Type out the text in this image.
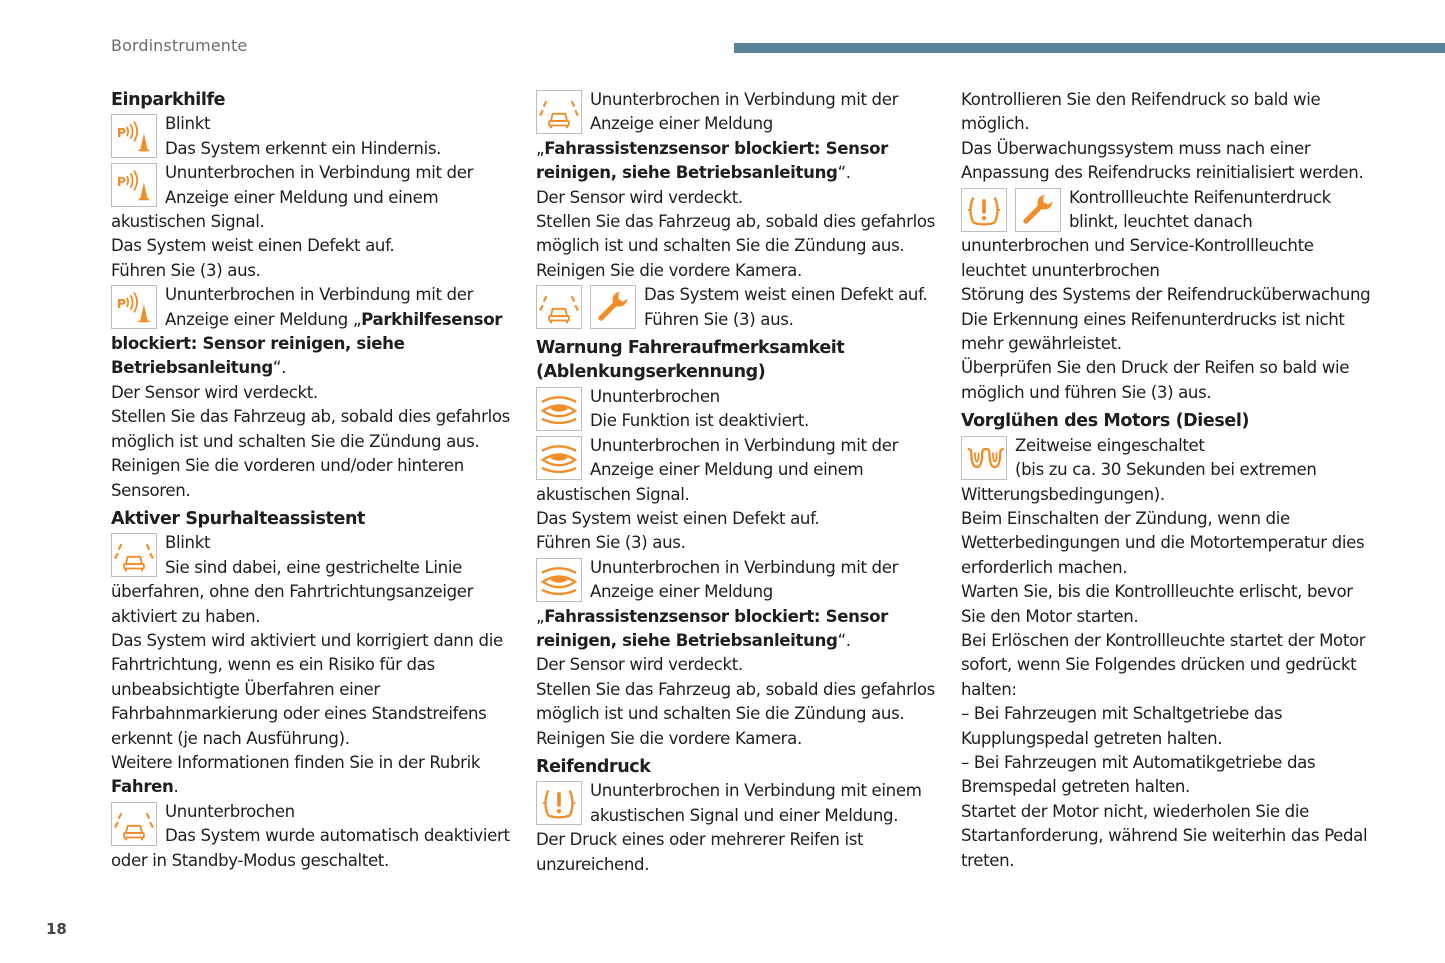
Bordinstrumente
18
Einparkhilfe

Blinkt

Das System erkennt ein Hindernis.

Ununterbrochen in Verbindung mit der Anzeige einer Meldung und einem akustischen Signal.

Das System weist einen Defekt auf.

Führen Sie (3) aus.

Ununterbrochen in Verbindung mit der Anzeige einer Meldung „Parkhilfesensor blockiert: Sensor reinigen, siehe Betriebsanleitung“.

Der Sensor wird verdeckt.

Stellen Sie das Fahrzeug ab, sobald dies gefahrlos möglich ist und schalten Sie die Zündung aus.

Reinigen Sie die vorderen und/oder hinteren Sensoren.

Aktiver Spurhalteassistent

Blinkt

Sie sind dabei, eine gestrichelte Linie überfahren, ohne den Fahrtrichtungsanzeiger aktiviert zu haben.

Das System wird aktiviert und korrigiert dann die Fahrtrichtung, wenn es ein Risiko für das unbeabsichtigte Überfahren einer Fahrbahnmarkierung oder eines Standstreifens erkennt (je nach Ausführung).

Weitere Informationen finden Sie in der Rubrik Fahren.

Ununterbrochen

Das System wurde automatisch deaktiviert oder in Standby-Modus geschaltet.

Ununterbrochen in Verbindung mit der Anzeige einer Meldung

„Fahrassistenzsensor blockiert: Sensor reinigen, siehe Betriebsanleitung“.

Der Sensor wird verdeckt.

Stellen Sie das Fahrzeug ab, sobald dies gefahrlos möglich ist und schalten Sie die Zündung aus.

Reinigen Sie die vordere Kamera.

Das System weist einen Defekt auf.

Führen Sie (3) aus.

Warnung Fahreraufmerksamkeit (Ablenkungserkennung)

Ununterbrochen

Die Funktion ist deaktiviert.

Ununterbrochen in Verbindung mit der Anzeige einer Meldung und einem akustischen Signal.

Das System weist einen Defekt auf.

Führen Sie (3) aus.

Ununterbrochen in Verbindung mit der Anzeige einer Meldung

„Fahrassistenzsensor blockiert: Sensor reinigen, siehe Betriebsanleitung“.

Der Sensor wird verdeckt.

Stellen Sie das Fahrzeug ab, sobald dies gefahrlos möglich ist und schalten Sie die Zündung aus.

Reinigen Sie die vordere Kamera.

Reifendruck

Ununterbrochen in Verbindung mit einem akustischen Signal und einer Meldung.

Der Druck eines oder mehrerer Reifen ist unzureichend.

Kontrollieren Sie den Reifendruck so bald wie möglich.

Das Überwachungssystem muss nach einer Anpassung des Reifendrucks reinitialisiert werden.

Kontrollleuchte Reifenunterdruck blinkt, leuchtet danach ununterbrochen und Service-Kontrollleuchte leuchtet ununterbrochen

Störung des Systems der Reifendrucküberwachung

Die Erkennung eines Reifenunterdrucks ist nicht mehr gewährleistet.

Überprüfen Sie den Druck der Reifen so bald wie möglich und führen Sie (3) aus.

Vorglühen des Motors (Diesel)

Zeitweise eingeschaltet

(bis zu ca. 30 Sekunden bei extremen Witterungsbedingungen).

Beim Einschalten der Zündung, wenn die Wetterbedingungen und die Motortemperatur dies erforderlich machen.

Warten Sie, bis die Kontrollleuchte erlischt, bevor Sie den Motor starten.

Bei Erlöschen der Kontrollleuchte startet der Motor sofort, wenn Sie Folgendes drücken und gedrückt halten:

– Bei Fahrzeugen mit Schaltgetriebe das Kupplungspedal getreten halten.

– Bei Fahrzeugen mit Automatikgetriebe das Bremspedal getreten halten.

Startet der Motor nicht, wiederholen Sie die Startanforderung, während Sie weiterhin das Pedal treten.
